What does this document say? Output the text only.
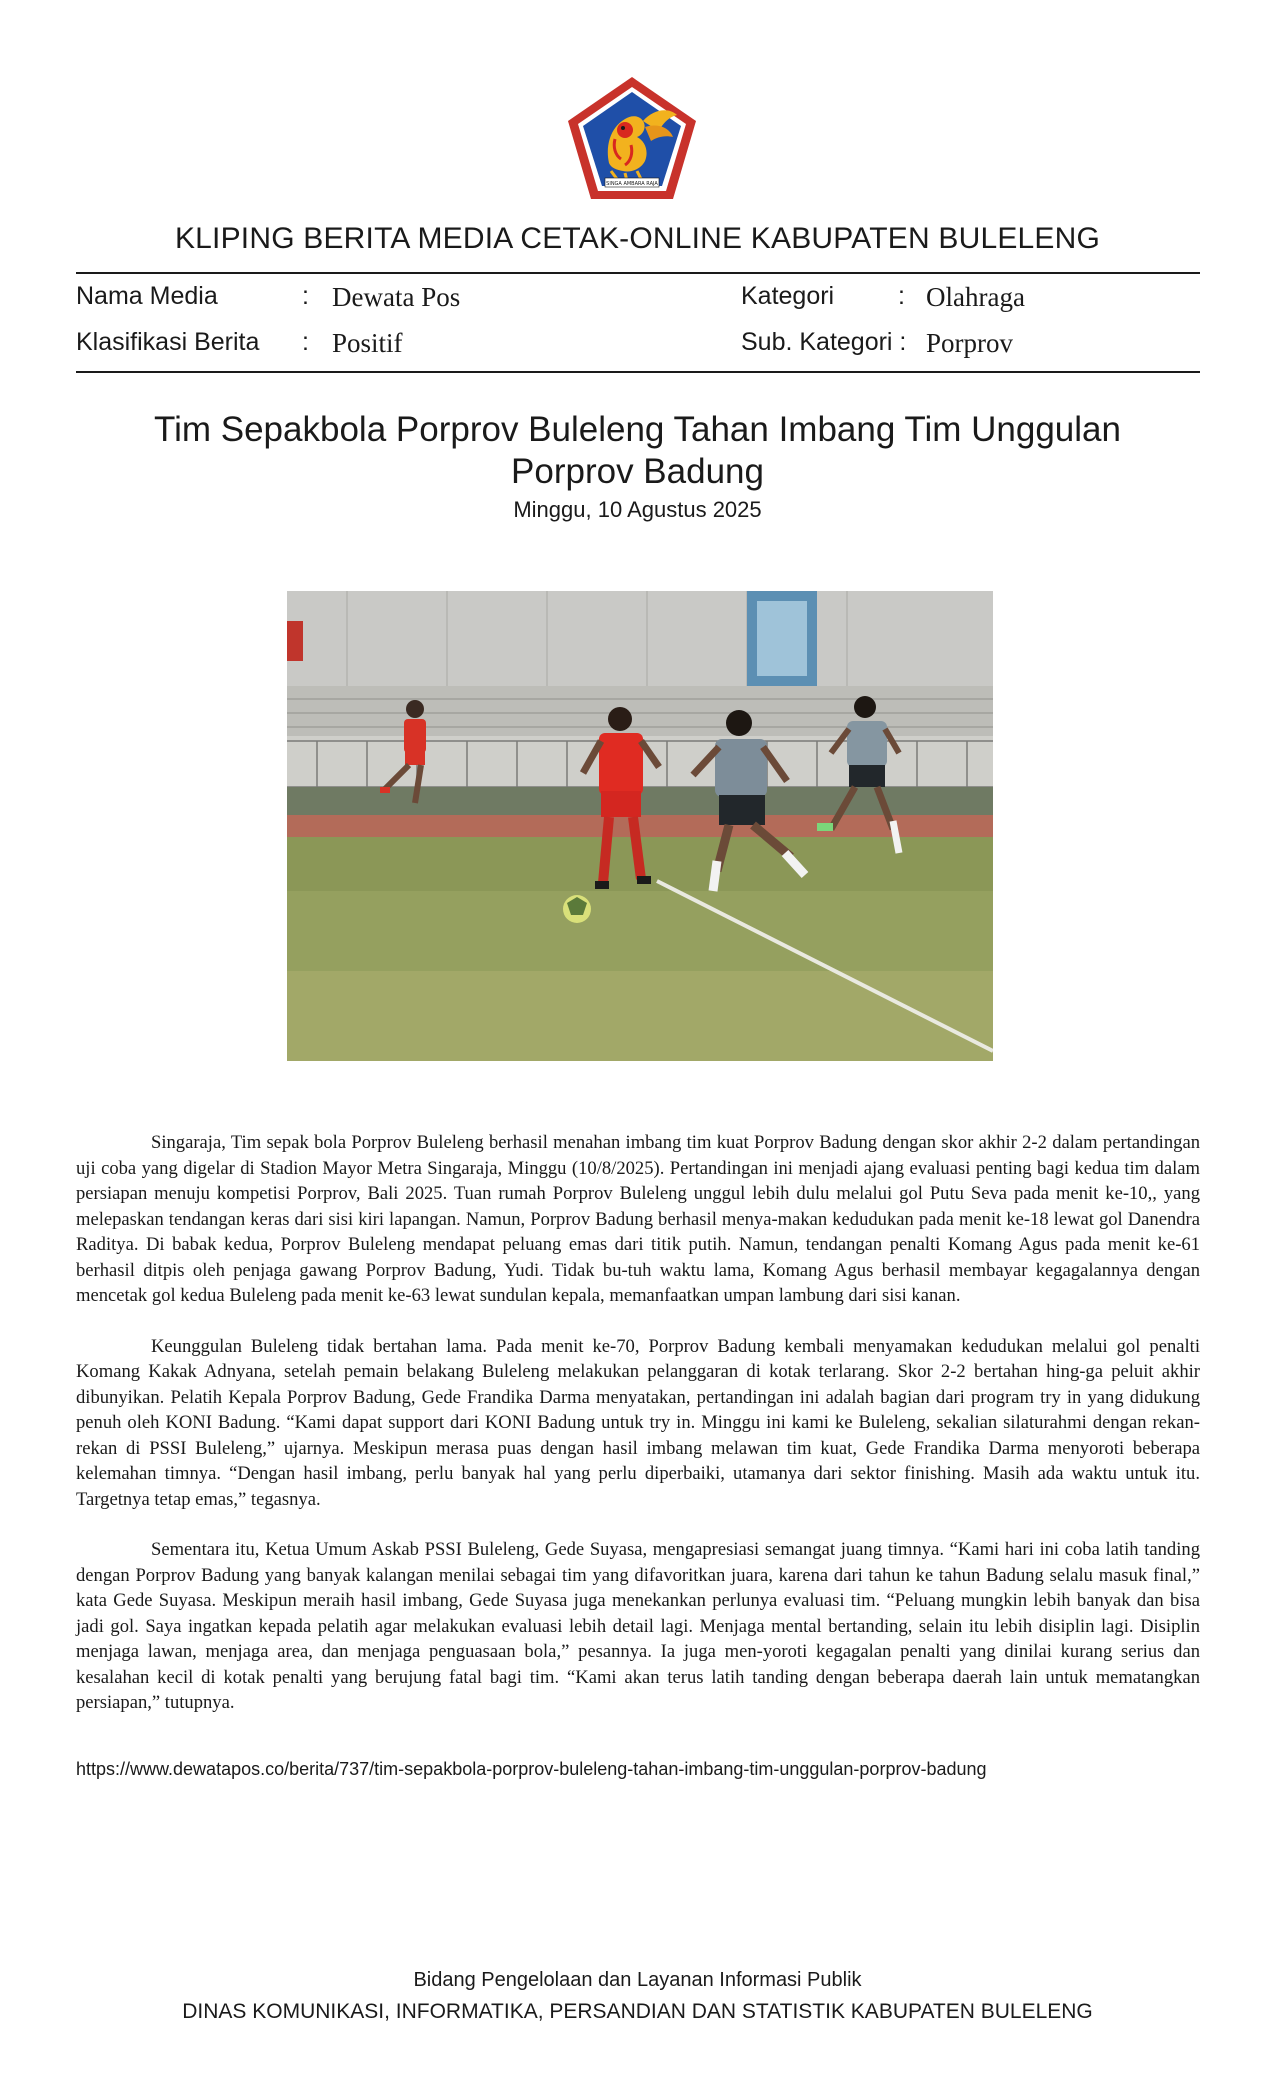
SINGA AMBARA RAJA
KLIPING BERITA MEDIA CETAK-ONLINE KABUPATEN BULELENG
Nama Media	: Dewata Pos
Klasifikasi Berita : Positif
Kategori	: Olahraga
Sub. Kategori : Porprov
Tim Sepakbola Porprov Buleleng Tahan Imbang Tim Unggulan
Porprov Badung
Minggu, 10 Agustus 2025

Singaraja, Tim sepak bola Porprov Buleleng berhasil menahan imbang tim kuat Porprov Badung dengan skor akhir 2-2 dalam pertandingan uji coba yang digelar di Stadion Mayor Metra Singaraja, Minggu (10/8/2025). Pertandingan ini menjadi ajang evaluasi penting bagi kedua tim dalam persiapan menuju kompetisi Porprov, Bali 2025. Tuan rumah Porprov Buleleng unggul lebih dulu melalui gol Putu Seva pada menit ke-10,, yang melepaskan tendangan keras dari sisi kiri lapangan. Namun, Porprov Badung berhasil menya-makan kedudukan pada menit ke-18 lewat gol Danendra Raditya. Di babak kedua, Porprov Buleleng mendapat peluang emas dari titik putih. Namun, tendangan penalti Komang Agus pada menit ke-61 berhasil ditpis oleh penjaga gawang Porprov Badung, Yudi. Tidak bu-tuh waktu lama, Komang Agus berhasil membayar kegagalannya dengan mencetak gol kedua Buleleng pada menit ke-63 lewat sundulan kepala, memanfaatkan umpan lambung dari sisi kanan.

Keunggulan Buleleng tidak bertahan lama. Pada menit ke-70, Porprov Badung kembali menyamakan kedudukan melalui gol penalti Komang Kakak Adnyana, setelah pemain belakang Buleleng melakukan pelanggaran di kotak terlarang. Skor 2-2 bertahan hing-ga peluit akhir dibunyikan. Pelatih Kepala Porprov Badung, Gede Frandika Darma menyatakan, pertandingan ini adalah bagian dari program try in yang didukung penuh oleh KONI Badung. “Kami dapat support dari KONI Badung untuk try in. Minggu ini kami ke Buleleng, sekalian silaturahmi dengan rekan-rekan di PSSI Buleleng,” ujarnya. Meskipun merasa puas dengan hasil imbang melawan tim kuat, Gede Frandika Darma menyoroti beberapa kelemahan timnya. “Dengan hasil imbang, perlu banyak hal yang perlu diperbaiki, utamanya dari sektor finishing. Masih ada waktu untuk itu. Targetnya tetap emas,” tegasnya.

Sementara itu, Ketua Umum Askab PSSI Buleleng, Gede Suyasa, mengapresiasi semangat juang timnya. “Kami hari ini coba latih tanding dengan Porprov Badung yang banyak kalangan menilai sebagai tim yang difavoritkan juara, karena dari tahun ke tahun Badung selalu masuk final,” kata Gede Suyasa. Meskipun meraih hasil imbang, Gede Suyasa juga menekankan perlunya evaluasi tim. “Peluang mungkin lebih banyak dan bisa jadi gol. Saya ingatkan kepada pelatih agar melakukan evaluasi lebih detail lagi. Menjaga mental bertanding, selain itu lebih disiplin lagi. Disiplin menjaga lawan, menjaga area, dan menjaga penguasaan bola,” pesannya. Ia juga men-yoroti kegagalan penalti yang dinilai kurang serius dan kesalahan kecil di kotak penalti yang berujung fatal bagi tim. “Kami akan terus latih tanding dengan beberapa daerah lain untuk mematangkan persiapan,” tutupnya.

https://www.dewatapos.co/berita/737/tim-sepakbola-porprov-buleleng-tahan-imbang-tim-unggulan-porprov-badung
Bidang Pengelolaan dan Layanan Informasi Publik
DINAS KOMUNIKASI, INFORMATIKA, PERSANDIAN DAN STATISTIK KABUPATEN BULELENG
